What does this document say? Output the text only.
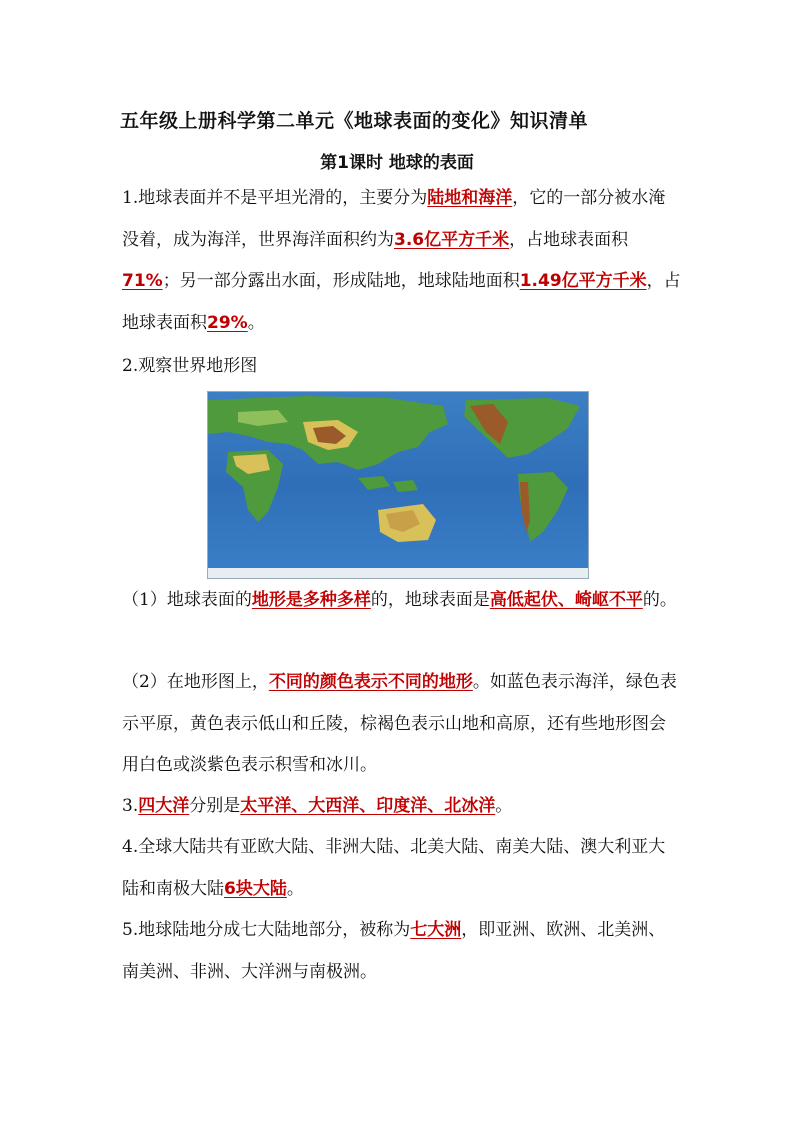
五年级上册科学第二单元《地球表面的变化》知识清单
第1课时 地球的表面
1.地球表面并不是平坦光滑的，主要分为陆地和海洋，它的一部分被水淹没着，成为海洋，世界海洋面积约为3.6亿平方千米，占地球表面积71%；另一部分露出水面，形成陆地，地球陆地面积1.49亿平方千米，占地球表面积29%。
2.观察世界地形图
（1）地球表面的地形是多种多样的，地球表面是高低起伏、崎岖不平的。
（2）在地形图上，不同的颜色表示不同的地形。如蓝色表示海洋，绿色表示平原，黄色表示低山和丘陵，棕褐色表示山地和高原，还有些地形图会用白色或淡紫色表示积雪和冰川。
3.四大洋分别是太平洋、大西洋、印度洋、北冰洋。
4.全球大陆共有亚欧大陆、非洲大陆、北美大陆、南美大陆、澳大利亚大陆和南极大陆6块大陆。
5.地球陆地分成七大陆地部分，被称为七大洲，即亚洲、欧洲、北美洲、南美洲、非洲、大洋洲与南极洲。
